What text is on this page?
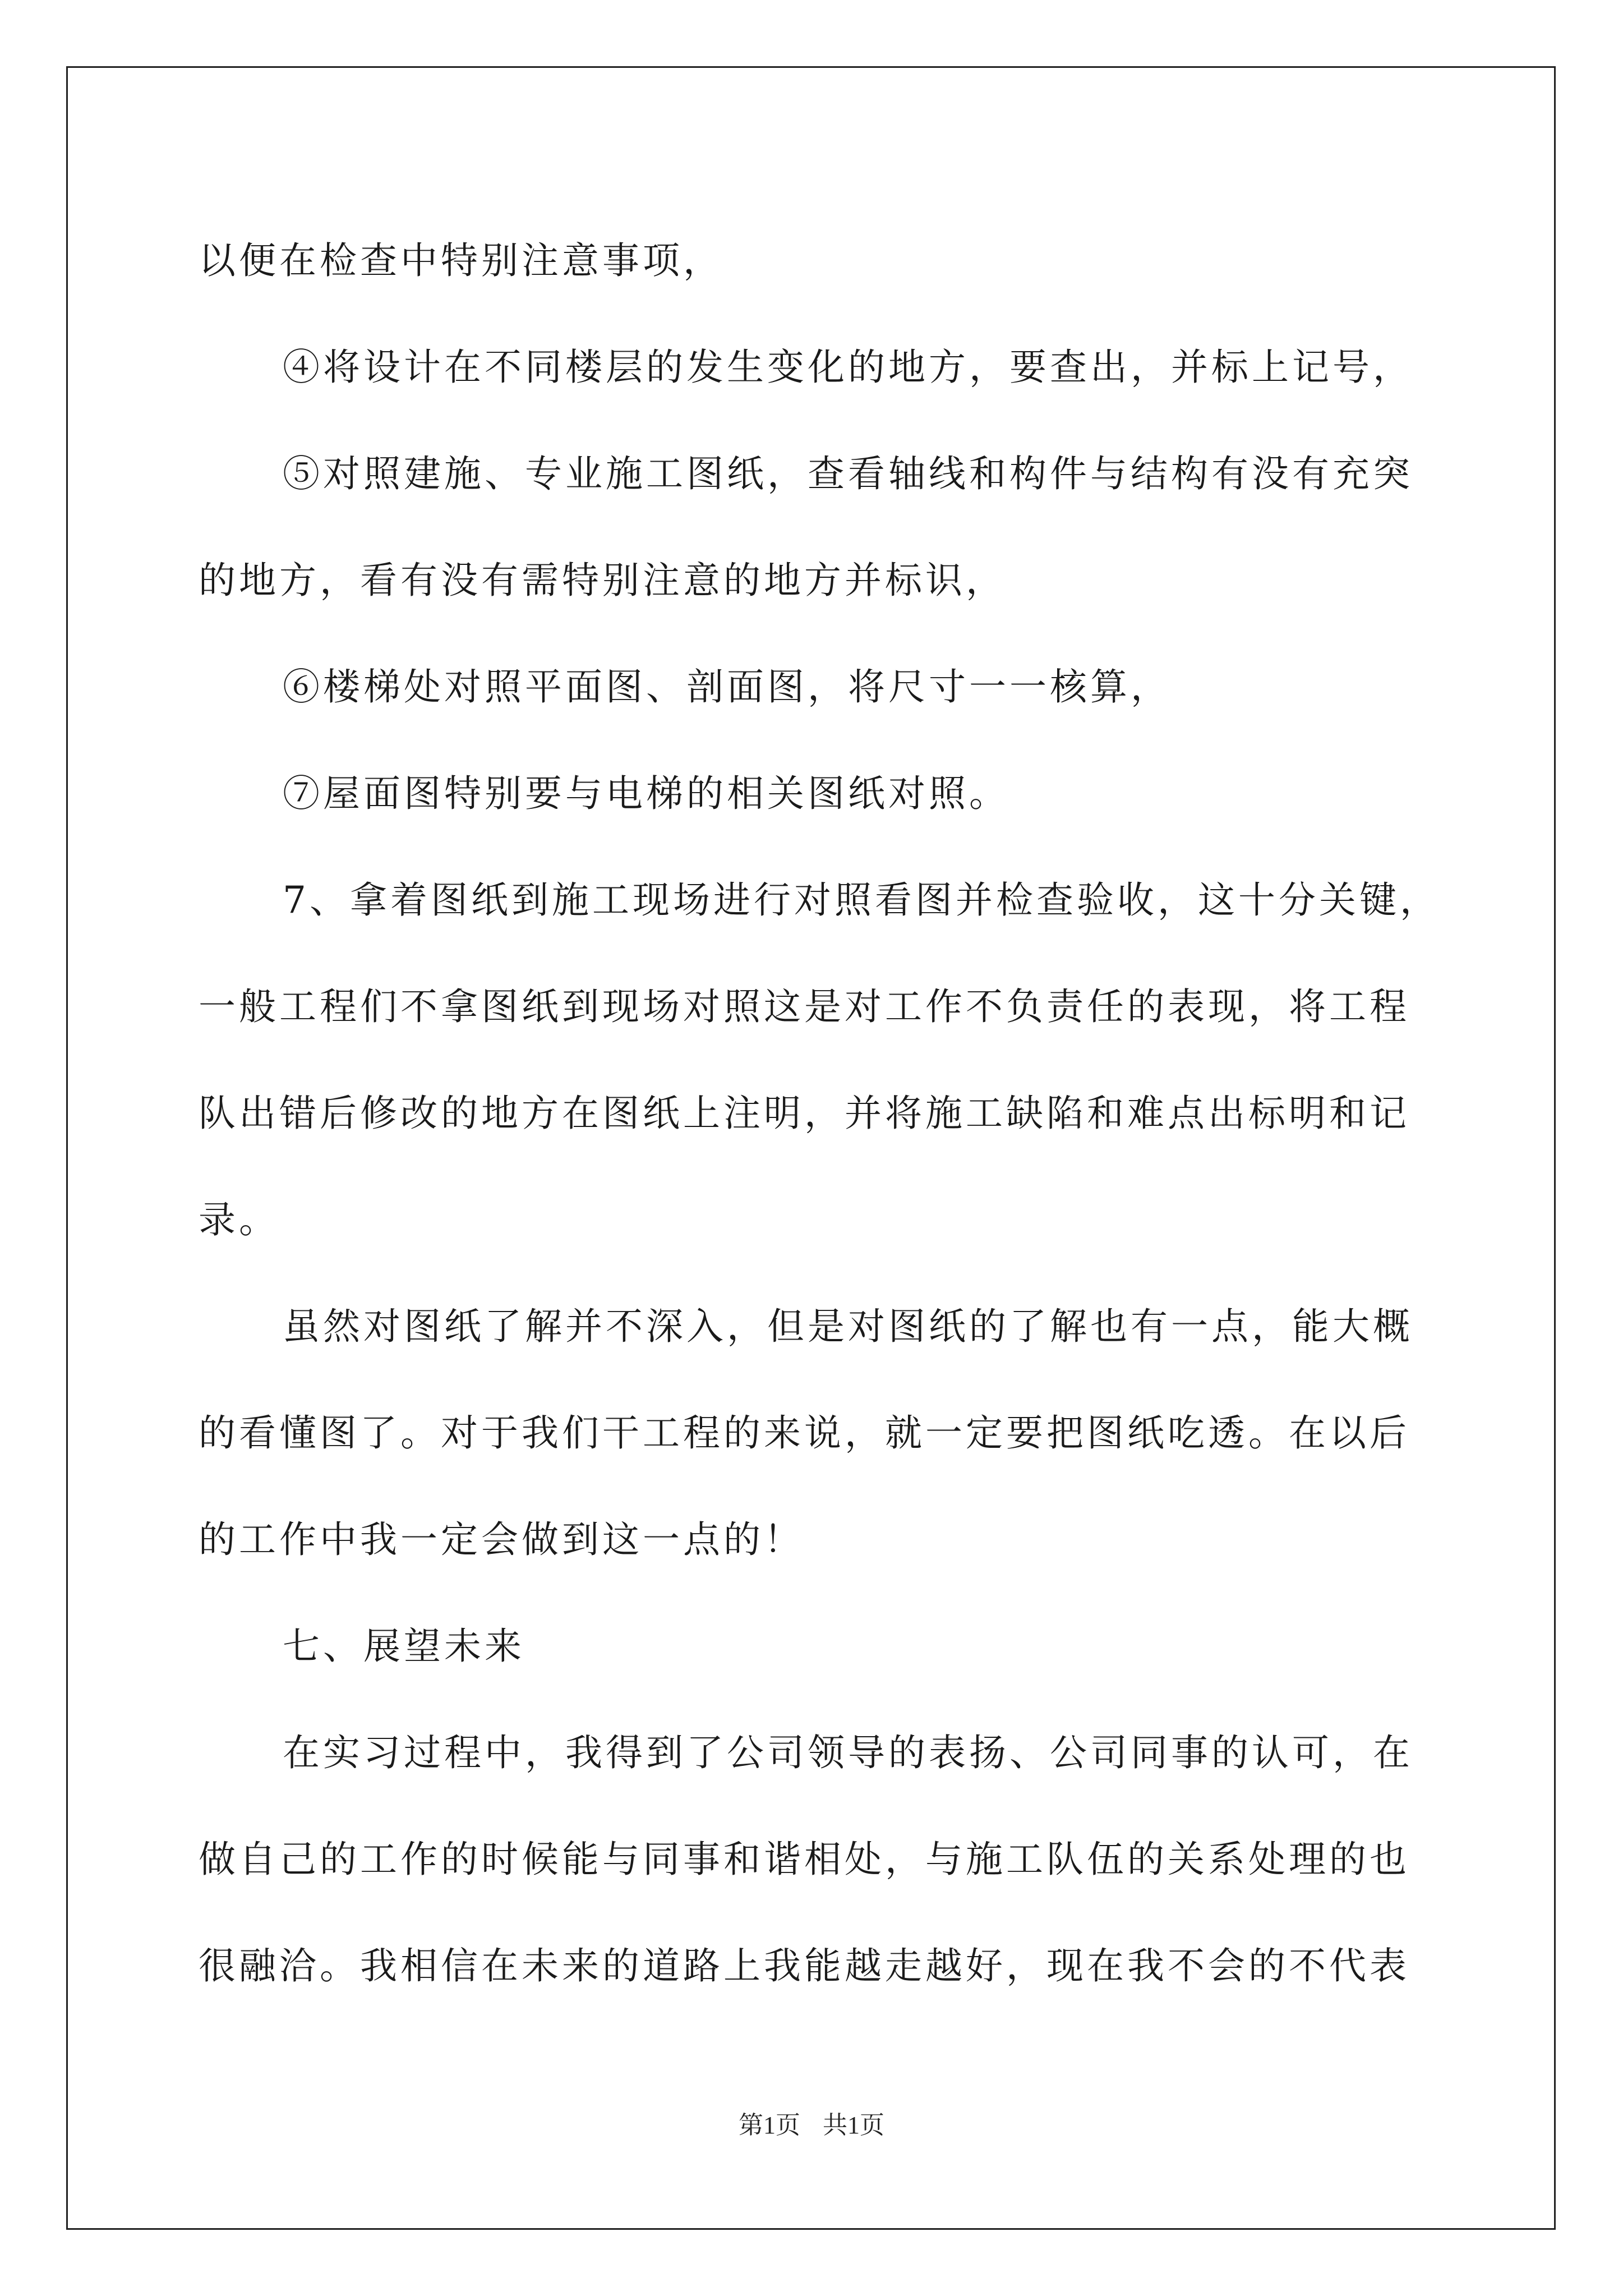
以便在检查中特别注意事项，
④将设计在不同楼层的发生变化的地方，要查出，并标上记号，
⑤对照建施、专业施工图纸，查看轴线和构件与结构有没有充突
的地方，看有没有需特别注意的地方并标识，
⑥楼梯处对照平面图、剖面图，将尺寸一一核算，
⑦屋面图特别要与电梯的相关图纸对照。
7、拿着图纸到施工现场进行对照看图并检查验收，这十分关键，
一般工程们不拿图纸到现场对照这是对工作不负责任的表现，将工程
队出错后修改的地方在图纸上注明，并将施工缺陷和难点出标明和记
录。
虽然对图纸了解并不深入，但是对图纸的了解也有一点，能大概
的看懂图了。对于我们干工程的来说，就一定要把图纸吃透。在以后
的工作中我一定会做到这一点的！
七、展望未来
在实习过程中，我得到了公司领导的表扬、公司同事的认可，在
做自己的工作的时候能与同事和谐相处，与施工队伍的关系处理的也
很融洽。我相信在未来的道路上我能越走越好，现在我不会的不代表
第1页 共1页
